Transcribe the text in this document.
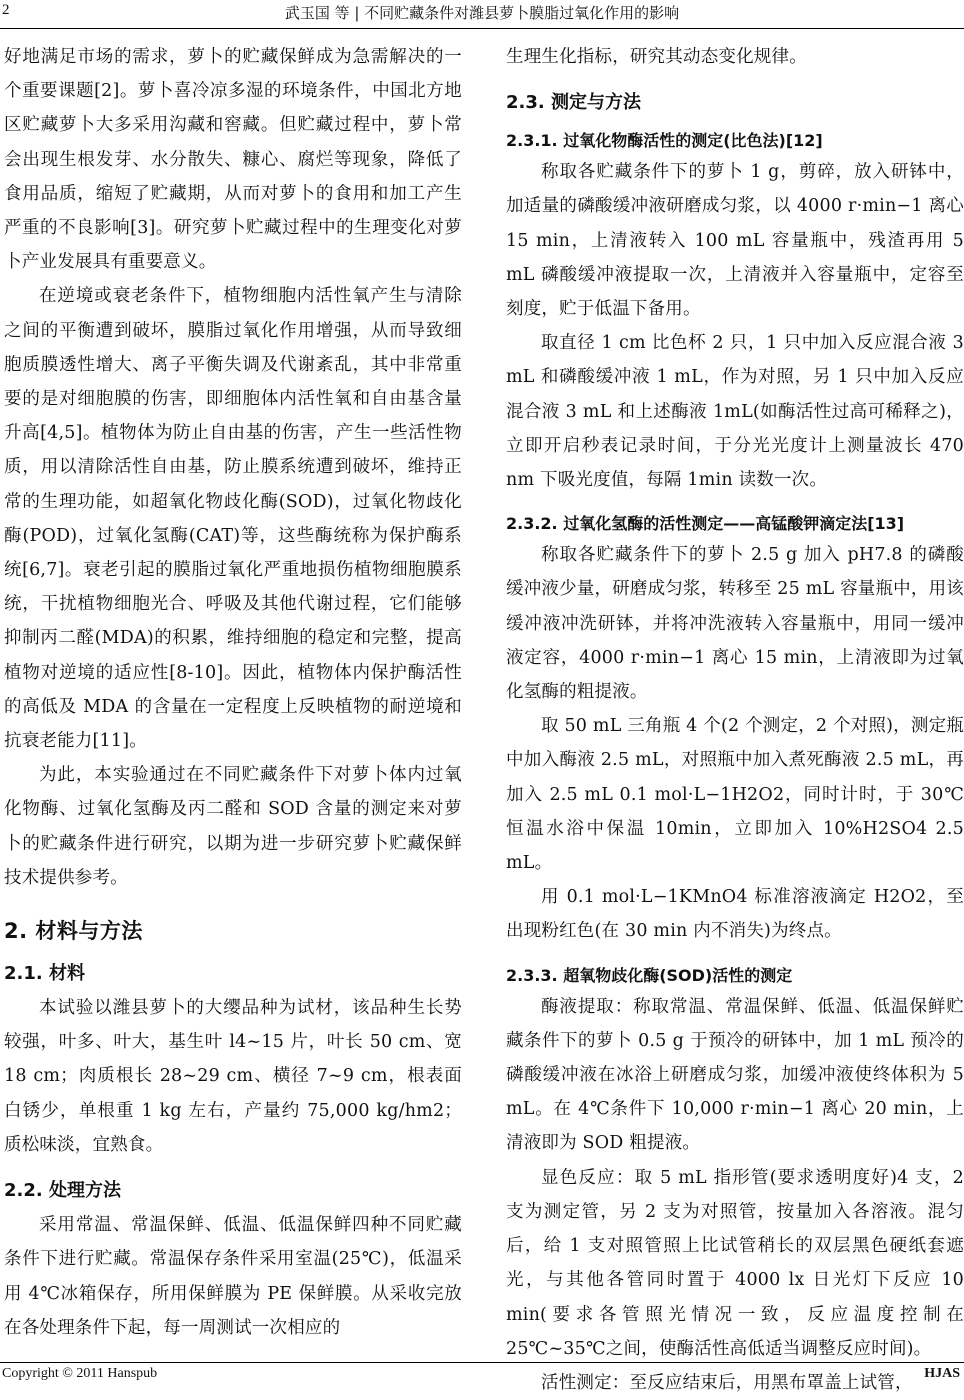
2	武玉国 等 | 不同贮藏条件对潍县萝卜膜脂过氧化作用的影响

好地满足市场的需求，萝卜的贮藏保鲜成为急需解决的一个重要课题[2]。萝卜喜冷凉多湿的环境条件，中国北方地区贮藏萝卜大多采用沟藏和窖藏。但贮藏过程中，萝卜常会出现生根发芽、水分散失、糠心、腐烂等现象，降低了食用品质，缩短了贮藏期，从而对萝卜的食用和加工产生严重的不良影响[3]。研究萝卜贮藏过程中的生理变化对萝卜产业发展具有重要意义。

在逆境或衰老条件下，植物细胞内活性氧产生与清除之间的平衡遭到破坏，膜脂过氧化作用增强，从而导致细胞质膜透性增大、离子平衡失调及代谢紊乱，其中非常重要的是对细胞膜的伤害，即细胞体内活性氧和自由基含量升高[4,5]。植物体为防止自由基的伤害，产生一些活性物质，用以清除活性自由基，防止膜系统遭到破坏，维持正常的生理功能，如超氧化物歧化酶(SOD)，过氧化物歧化酶(POD)，过氧化氢酶(CAT)等，这些酶统称为保护酶系统[6,7]。衰老引起的膜脂过氧化严重地损伤植物细胞膜系统，干扰植物细胞光合、呼吸及其他代谢过程，它们能够抑制丙二醛(MDA)的积累，维持细胞的稳定和完整，提高植物对逆境的适应性[8-10]。因此，植物体内保护酶活性的高低及 MDA 的含量在一定程度上反映植物的耐逆境和抗衰老能力[11]。

为此，本实验通过在不同贮藏条件下对萝卜体内过氧化物酶、过氧化氢酶及丙二醛和 SOD 含量的测定来对萝卜的贮藏条件进行研究，以期为进一步研究萝卜贮藏保鲜技术提供参考。

2. 材料与方法
2.1. 材料

本试验以潍县萝卜的大缨品种为试材，该品种生长势较强，叶多、叶大，基生叶 l4~15 片，叶长 50 cm、宽 18 cm；肉质根长 28~29 cm、横径 7~9 cm，根表面白锈少，单根重 1 kg 左右，产量约 75,000 kg/hm2；质松味淡，宜熟食。

2.2. 处理方法

采用常温、常温保鲜、低温、低温保鲜四种不同贮藏条件下进行贮藏。常温保存条件采用室温(25℃)，低温采用 4℃冰箱保存，所用保鲜膜为 PE 保鲜膜。从采收完放在各处理条件下起，每一周测试一次相应的

生理生化指标，研究其动态变化规律。

2.3. 测定与方法
2.3.1. 过氧化物酶活性的测定(比色法)[12]

称取各贮藏条件下的萝卜 1 g，剪碎，放入研钵中，加适量的磷酸缓冲液研磨成匀浆，以 4000 r·min−1 离心 15 min，上清液转入 100 mL 容量瓶中，残渣再用 5 mL 磷酸缓冲液提取一次，上清液并入容量瓶中，定容至刻度，贮于低温下备用。

取直径 1 cm 比色杯 2 只，1 只中加入反应混合液 3 mL 和磷酸缓冲液 1 mL，作为对照，另 1 只中加入反应混合液 3 mL 和上述酶液 1mL(如酶活性过高可稀释之)，立即开启秒表记录时间，于分光光度计上测量波长 470 nm 下吸光度值，每隔 1min 读数一次。

2.3.2. 过氧化氢酶的活性测定——高锰酸钾滴定法[13]

称取各贮藏条件下的萝卜 2.5 g 加入 pH7.8 的磷酸缓冲液少量，研磨成匀浆，转移至 25 mL 容量瓶中，用该缓冲液冲洗研钵，并将冲洗液转入容量瓶中，用同一缓冲液定容，4000 r·min−1 离心 15 min，上清液即为过氧化氢酶的粗提液。

取 50 mL 三角瓶 4 个(2 个测定，2 个对照)，测定瓶中加入酶液 2.5 mL，对照瓶中加入煮死酶液 2.5 mL，再加入 2.5 mL 0.1 mol·L−1H2O2，同时计时，于 30℃恒温水浴中保温 10min，立即加入 10%H2SO4 2.5 mL。

用 0.1 mol·L−1KMnO4 标准溶液滴定 H2O2，至出现粉红色(在 30 min 内不消失)为终点。

2.3.3. 超氧物歧化酶(SOD)活性的测定

酶液提取：称取常温、常温保鲜、低温、低温保鲜贮藏条件下的萝卜 0.5 g 于预冷的研钵中，加 1 mL 预冷的磷酸缓冲液在冰浴上研磨成匀浆，加缓冲液使终体积为 5 mL。在 4℃条件下 10,000 r·min−1 离心 20 min，上清液即为 SOD 粗提液。

显色反应：取 5 mL 指形管(要求透明度好)4 支，2 支为测定管，另 2 支为对照管，按量加入各溶液。混匀后，给 1 支对照管照上比试管稍长的双层黑色硬纸套遮光，与其他各管同时置于 4000 lx 日光灯下反应 10 min(要求各管照光情况一致，反应温度控制在 25℃~35℃之间，使酶活性高低适当调整反应时间)。

活性测定：至反应结束后，用黑布罩盖上试管，

Copyright © 2011 Hanspub	HJAS
